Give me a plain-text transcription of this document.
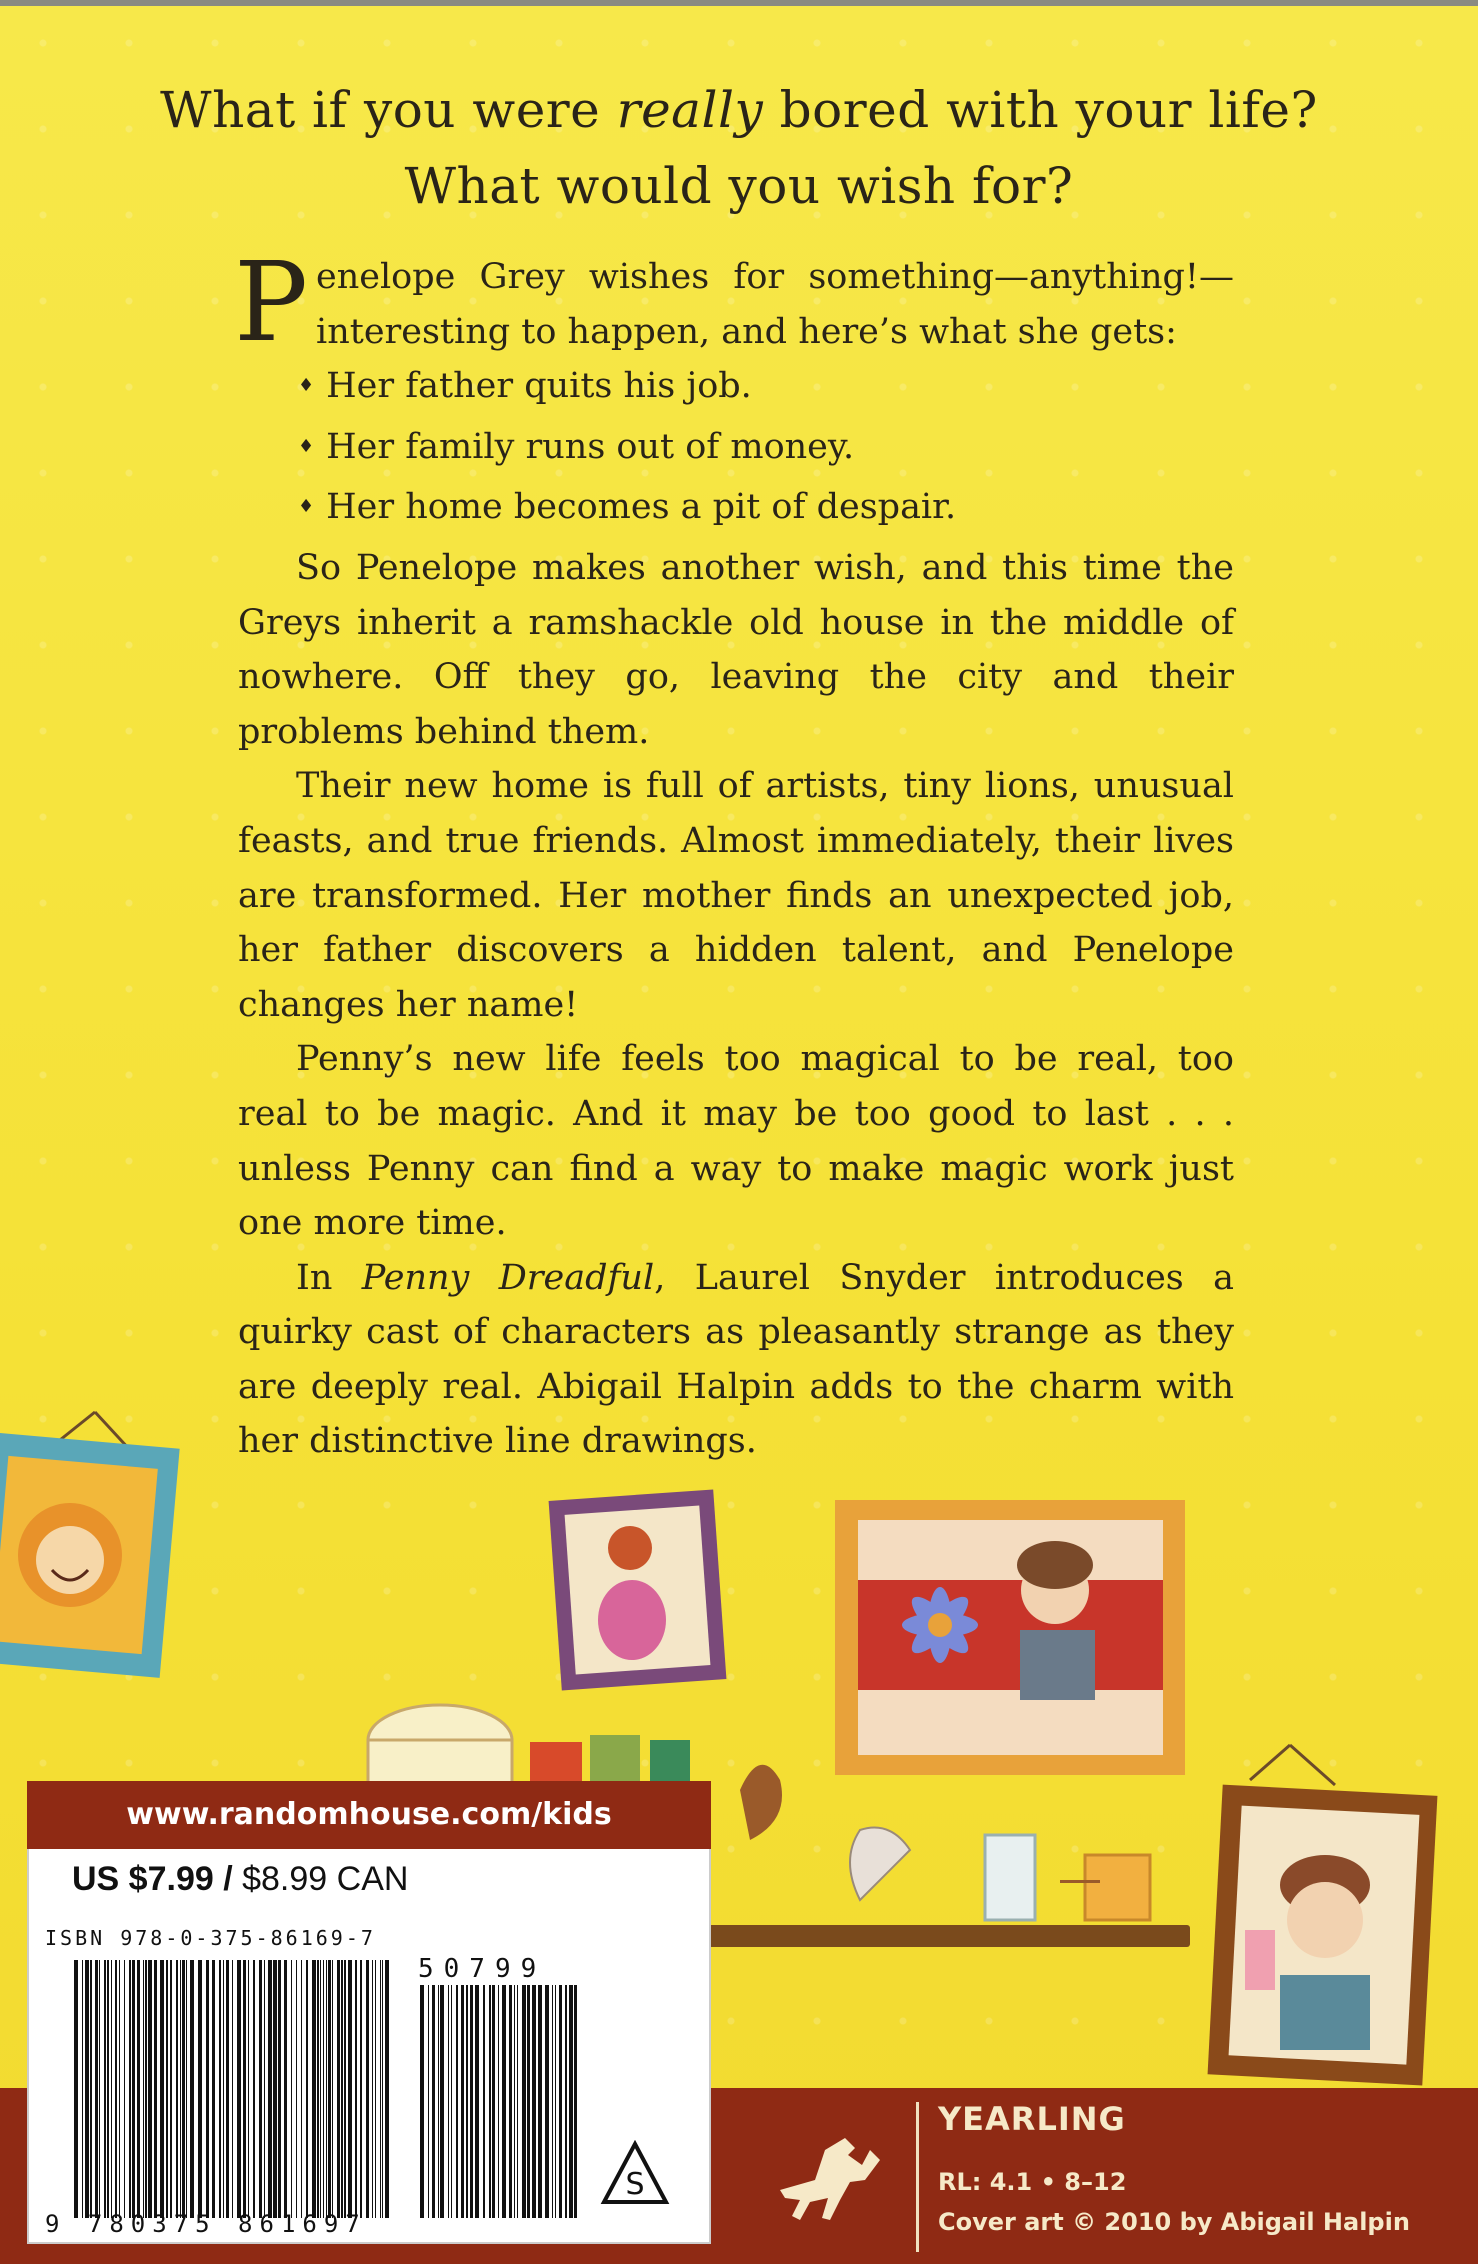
What if you were really bored with your life?
What would you wish for?

Penelope Grey wishes for something—anything!—interesting to happen, and here’s what she gets:

♦ Her father quits his job.
♦ Her family runs out of money.
♦ Her home becomes a pit of despair.

So Penelope makes another wish, and this time the Greys inherit a ramshackle old house in the middle of nowhere. Off they go, leaving the city and their problems behind them.

Their new home is full of artists, tiny lions, unusual feasts, and true friends. Almost immediately, their lives are transformed. Her mother finds an unexpected job, her father discovers a hidden talent, and Penelope changes her name!

Penny’s new life feels too magical to be real, too real to be magic. And it may be too good to last . . . unless Penny can find a way to make magic work just one more time.

In Penny Dreadful, Laurel Snyder introduces a quirky cast of characters as pleasantly strange as they are deeply real. Abigail Halpin adds to the charm with her distinctive line drawings.

YEARLING
RL: 4.1 • 8–12
Cover art © 2010 by Abigail Halpin
www.randomhouse.com/kids
US $7.99 / $8.99 CAN
ISBN 978-0-375-86169-7
50799
9 780375 861697
S
